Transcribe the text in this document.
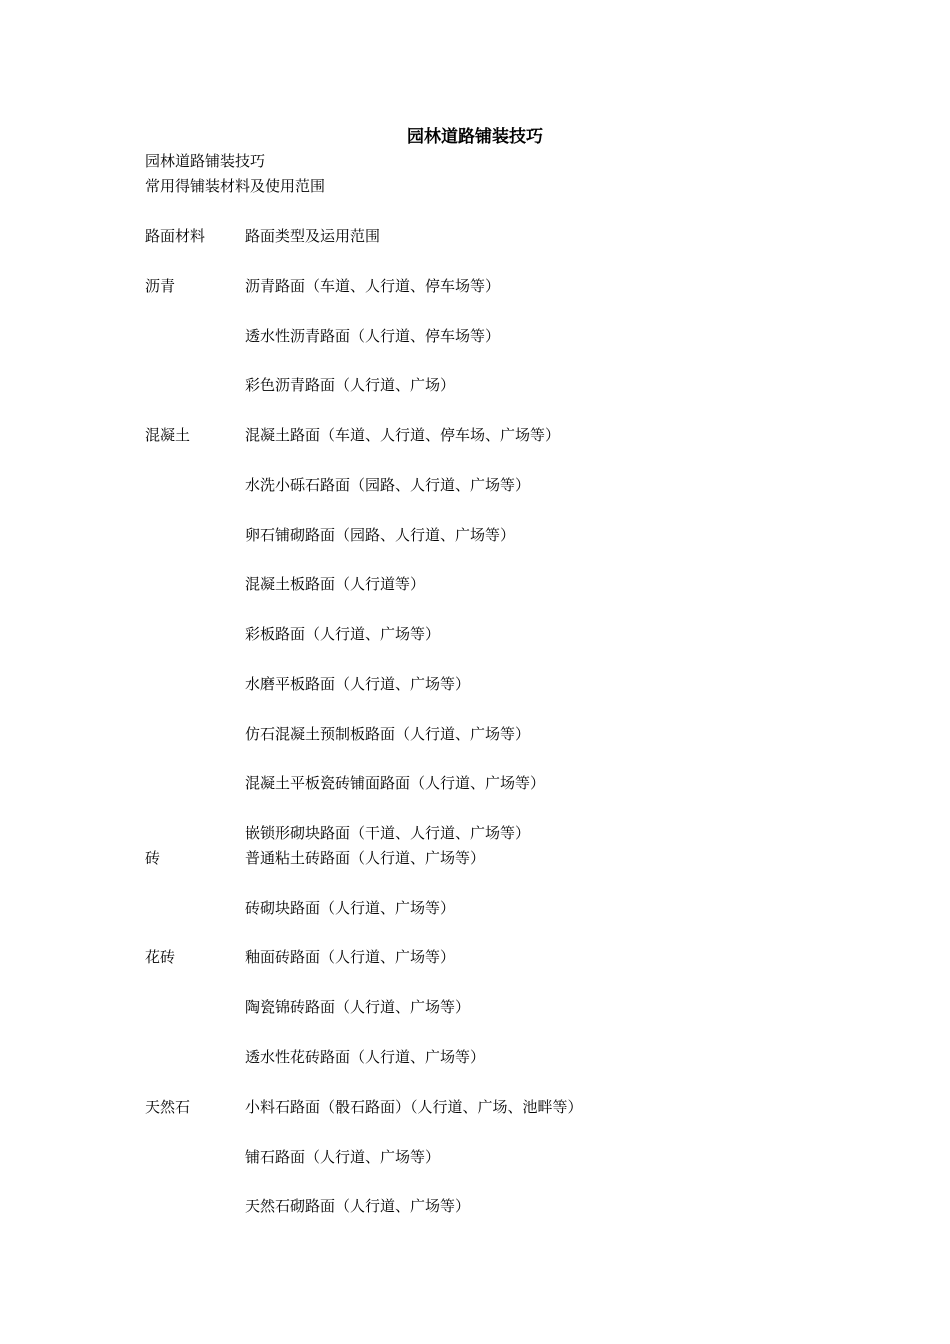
园林道路铺装技巧
园林道路铺装技巧
常用得铺装材料及使用范围
路面材料	路面类型及运用范围
沥青	沥青路面（车道、人行道、停车场等）
透水性沥青路面（人行道、停车场等）
彩色沥青路面（人行道、广场）
混凝土	混凝土路面（车道、人行道、停车场、广场等）
水洗小砾石路面（园路、人行道、广场等）
卵石铺砌路面（园路、人行道、广场等）
混凝土板路面（人行道等）
彩板路面（人行道、广场等）
水磨平板路面（人行道、广场等）
仿石混凝土预制板路面（人行道、广场等）
混凝土平板瓷砖铺面路面（人行道、广场等）
嵌锁形砌块路面（干道、人行道、广场等）
砖	普通粘土砖路面（人行道、广场等）
砖砌块路面（人行道、广场等）
花砖	釉面砖路面（人行道、广场等）
陶瓷锦砖路面（人行道、广场等）
透水性花砖路面（人行道、广场等）
天然石	小料石路面（骰石路面）（人行道、广场、池畔等）
铺石路面（人行道、广场等）
天然石砌路面（人行道、广场等）
